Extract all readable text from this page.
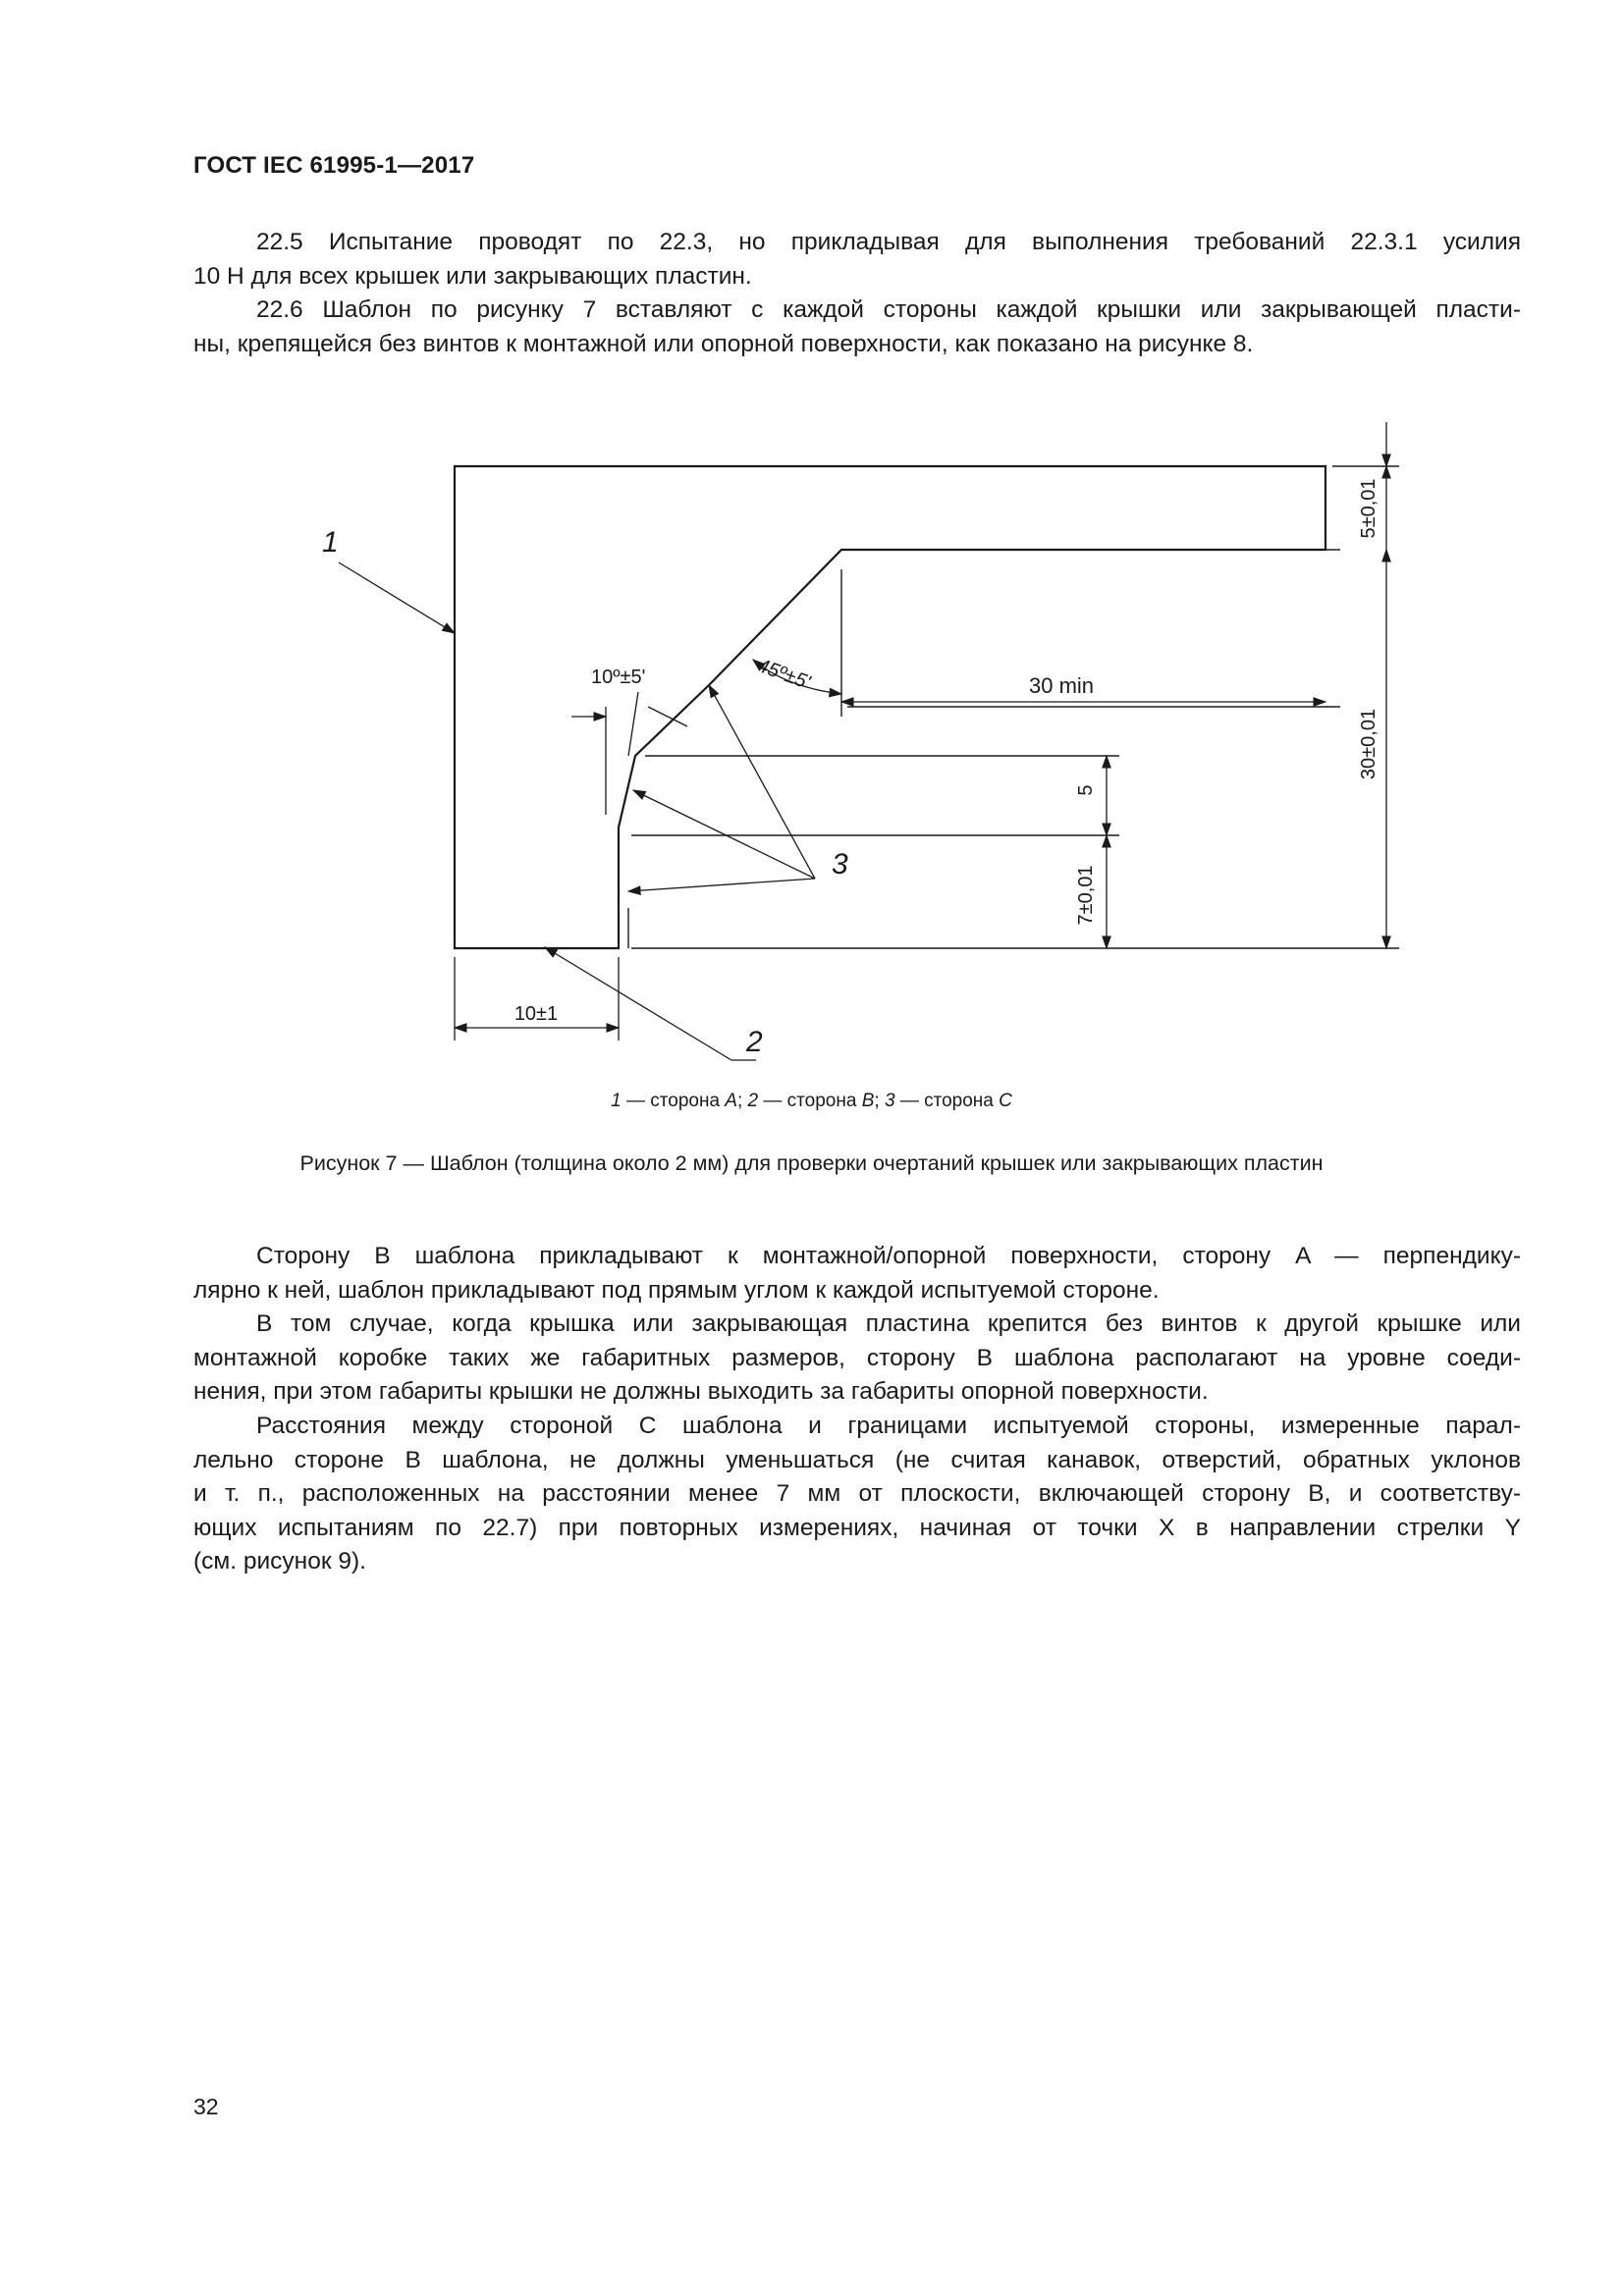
ГОСТ IEC 61995-1—2017
22.5 Испытание проводят по 22.3, но прикладывая для выполнения требований 22.3.1 усилия
10 Н для всех крышек или закрывающих пластин.
22.6 Шаблон по рисунку 7 вставляют с каждой стороны каждой крышки или закрывающей пласти-
ны, крепящейся без винтов к монтажной или опорной поверхности, как показано на рисунке 8.
1
2
3
10º±5'	45º±5'	30 min
5
7±0,01
5±0,01
30±0,01
10±1
1 — сторона A; 2 — сторона B; 3 — сторона C
Рисунок 7 — Шаблон (толщина около 2 мм) для проверки очертаний крышек или закрывающих пластин
Сторону B шаблона прикладывают к монтажной/опорной поверхности, сторону A — перпендику-
лярно к ней, шаблон прикладывают под прямым углом к каждой испытуемой стороне.
В том случае, когда крышка или закрывающая пластина крепится без винтов к другой крышке или
монтажной коробке таких же габаритных размеров, сторону B шаблона располагают на уровне соеди-
нения, при этом габариты крышки не должны выходить за габариты опорной поверхности.
Расстояния между стороной C шаблона и границами испытуемой стороны, измеренные парал-
лельно стороне B шаблона, не должны уменьшаться (не считая канавок, отверстий, обратных уклонов
и т. п., расположенных на расстоянии менее 7 мм от плоскости, включающей сторону B, и соответству-
ющих испытаниям по 22.7) при повторных измерениях, начиная от точки X в направлении стрелки Y
(см. рисунок 9).
32
